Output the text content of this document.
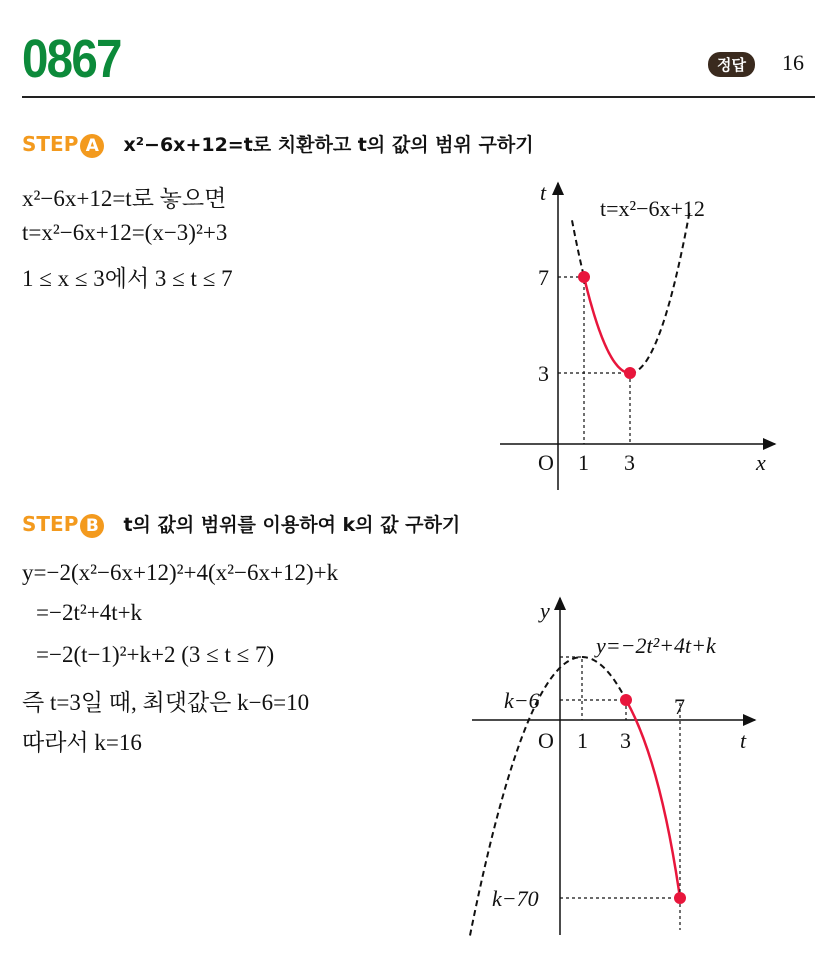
0867	정답	16
STEP A x²−6x+12=t로 치환하고 t의 값의 범위 구하기
x²−6x+12=t로 놓으면
t=x²−6x+12=(x−3)²+3
1 ≤ x ≤ 3에서 3 ≤ t ≤ 7
STEP B t의 값의 범위를 이용하여 k의 값 구하기
y=−2(x²−6x+12)²+4(x²−6x+12)+k
=−2t²+4t+k
=−2(t−1)²+k+2 (3 ≤ t ≤ 7)
즉 t=3일 때, 최댓값은 k−6=10
따라서 k=16
t=x²−6x+12
t
x
O 1 3
7
3
y=−2t²+4t+k
y
t
O 1 3
7
k−6
k−70
